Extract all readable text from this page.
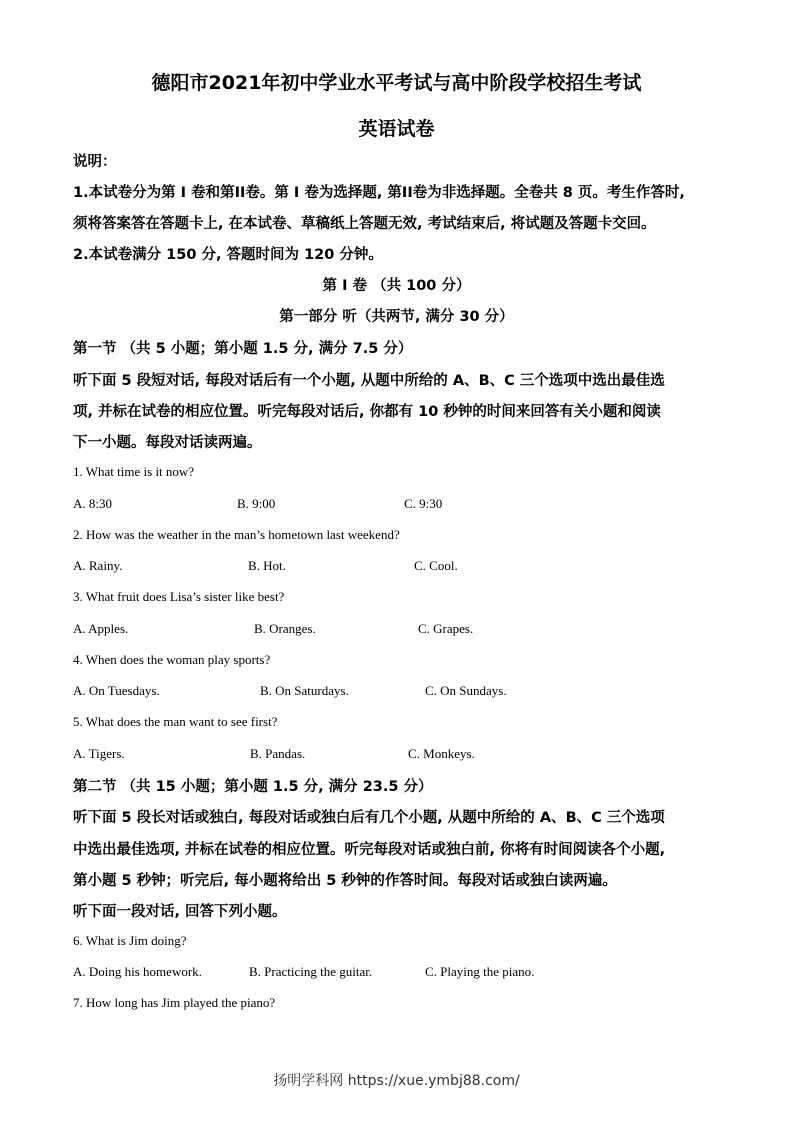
德阳市2021年初中学业水平考试与高中阶段学校招生考试
英语试卷
说明：
1.本试卷分为第 I 卷和第II卷。第 I 卷为选择题, 第II卷为非选择题。全卷共 8 页。考生作答时,
须将答案答在答题卡上, 在本试卷、草稿纸上答题无效, 考试结束后, 将试题及答题卡交回。
2.本试卷满分 150 分, 答题时间为 120 分钟。
第 I 卷 （共 100 分）
第一部分 听（共两节, 满分 30 分）
第一节 （共 5 小题；第小题 1.5 分, 满分 7.5 分）
听下面 5 段短对话, 每段对话后有一个小题, 从题中所给的 A、B、C 三个选项中选出最佳选
项, 并标在试卷的相应位置。听完每段对话后, 你都有 10 秒钟的时间来回答有关小题和阅读
下一小题。每段对话读两遍。
1. What time is it now?
A. 8:30	B. 9:00	C. 9:30
2. How was the weather in the man’s hometown last weekend?
A. Rainy.	B. Hot.	C. Cool.
3. What fruit does Lisa’s sister like best?
A. Apples.	B. Oranges.	C. Grapes.
4. When does the woman play sports?
A. On Tuesdays.	B. On Saturdays.	C. On Sundays.
5. What does the man want to see first?
A. Tigers.	B. Pandas.	C. Monkeys.
第二节 （共 15 小题；第小题 1.5 分, 满分 23.5 分）
听下面 5 段长对话或独白, 每段对话或独白后有几个小题, 从题中所给的 A、B、C 三个选项
中选出最佳选项, 并标在试卷的相应位置。听完每段对话或独白前, 你将有时间阅读各个小题,
第小题 5 秒钟；听完后, 每小题将给出 5 秒钟的作答时间。每段对话或独白读两遍。
听下面一段对话, 回答下列小题。
6. What is Jim doing?
A. Doing his homework.	B. Practicing the guitar.	C. Playing the piano.
7. How long has Jim played the piano?
扬明学科网 https://xue.ymbj88.com/
